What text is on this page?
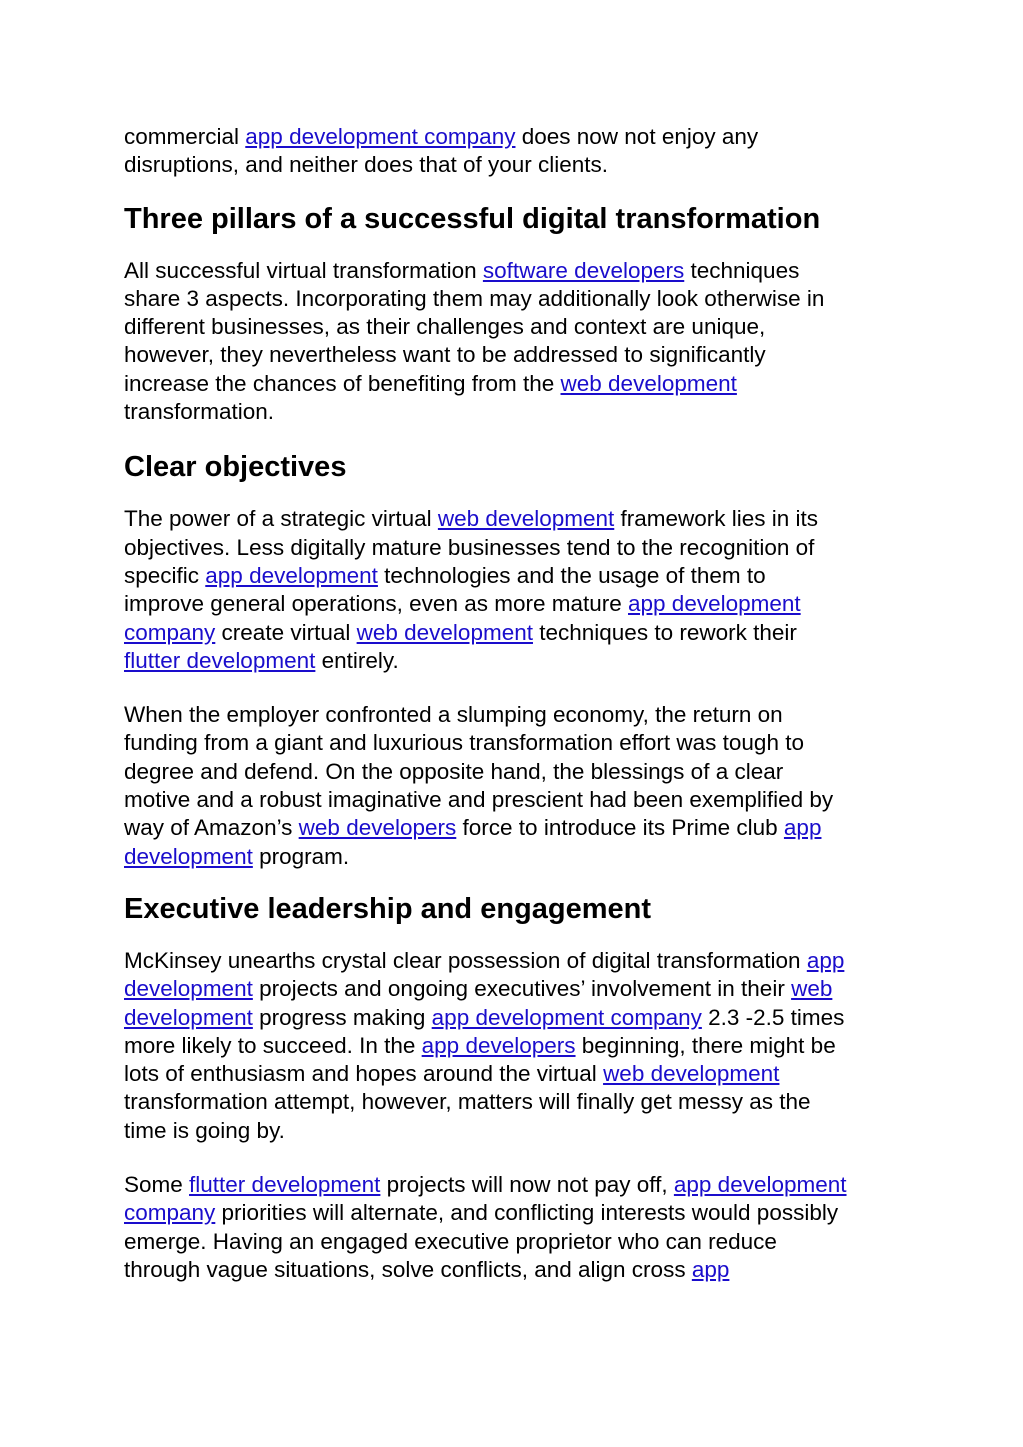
commercial app development company does now not enjoy any
disruptions, and neither does that of your clients.

Three pillars of a successful digital transformation

All successful virtual transformation software developers techniques
share 3 aspects. Incorporating them may additionally look otherwise in
different businesses, as their challenges and context are unique,
however, they nevertheless want to be addressed to significantly
increase the chances of benefiting from the web development
transformation.

Clear objectives

The power of a strategic virtual web development framework lies in its
objectives. Less digitally mature businesses tend to the recognition of
specific app development technologies and the usage of them to
improve general operations, even as more mature app development
company create virtual web development techniques to rework their
flutter development entirely.

When the employer confronted a slumping economy, the return on
funding from a giant and luxurious transformation effort was tough to
degree and defend. On the opposite hand, the blessings of a clear
motive and a robust imaginative and prescient had been exemplified by
way of Amazon’s web developers force to introduce its Prime club app
development program.

Executive leadership and engagement

McKinsey unearths crystal clear possession of digital transformation app
development projects and ongoing executives’ involvement in their web
development progress making app development company 2.3 -2.5 times
more likely to succeed. In the app developers beginning, there might be
lots of enthusiasm and hopes around the virtual web development
transformation attempt, however, matters will finally get messy as the
time is going by.

Some flutter development projects will now not pay off, app development
company priorities will alternate, and conflicting interests would possibly
emerge. Having an engaged executive proprietor who can reduce
through vague situations, solve conflicts, and align cross app
